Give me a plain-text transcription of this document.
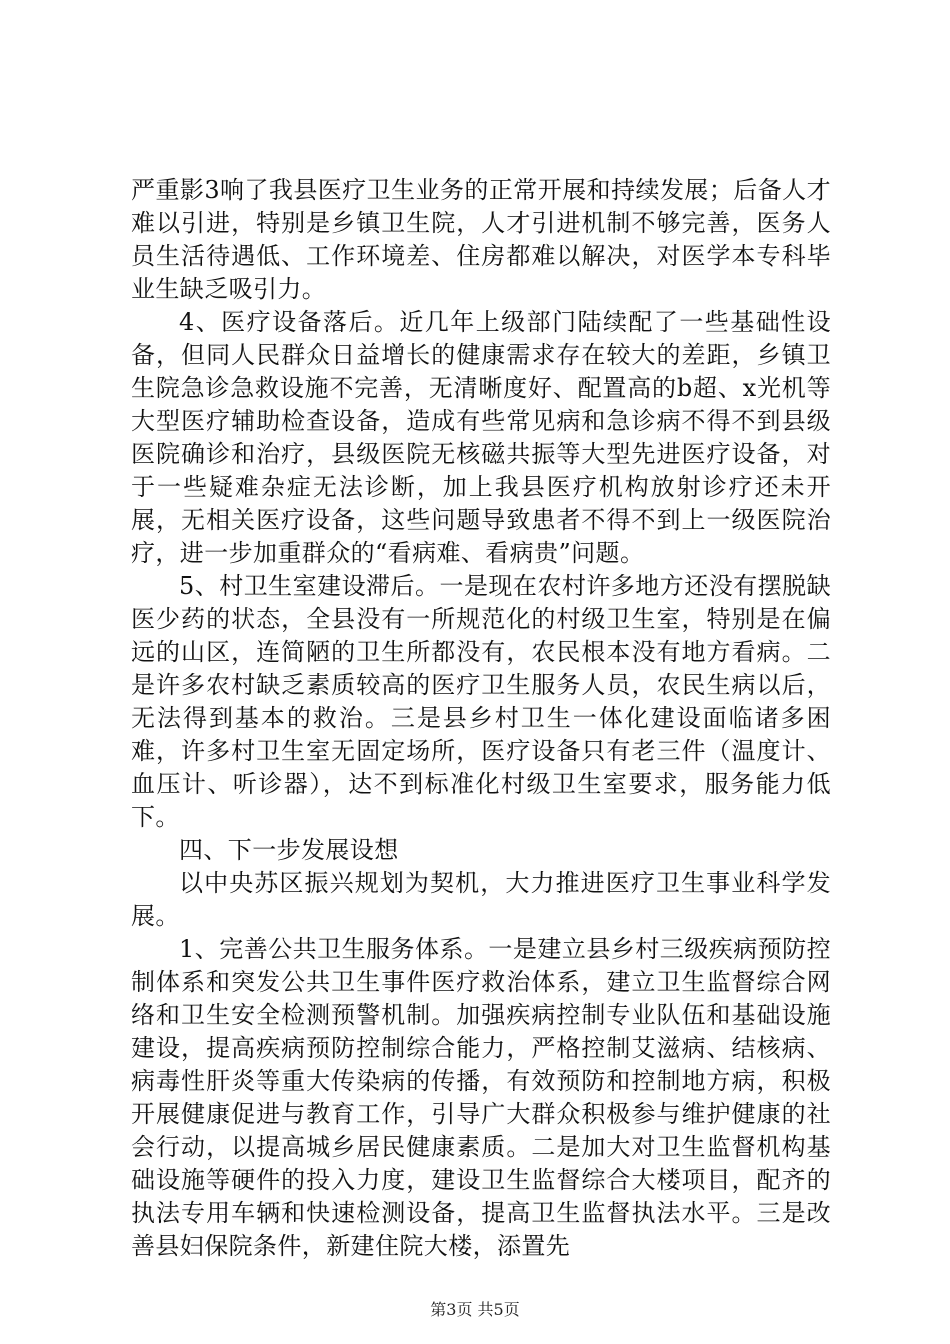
严重影3响了我县医疗卫生业务的正常开展和持续发展；后备人才难以引进，特别是乡镇卫生院，人才引进机制不够完善，医务人员生活待遇低、工作环境差、住房都难以解决，对医学本专科毕业生缺乏吸引力。

4、医疗设备落后。近几年上级部门陆续配了一些基础性设备，但同人民群众日益增长的健康需求存在较大的差距，乡镇卫生院急诊急救设施不完善，无清晰度好、配置高的b超、x光机等大型医疗辅助检查设备，造成有些常见病和急诊病不得不到县级医院确诊和治疗，县级医院无核磁共振等大型先进医疗设备，对于一些疑难杂症无法诊断，加上我县医疗机构放射诊疗还未开展，无相关医疗设备，这些问题导致患者不得不到上一级医院治疗，进一步加重群众的“看病难、看病贵”问题。

5、村卫生室建设滞后。一是现在农村许多地方还没有摆脱缺医少药的状态，全县没有一所规范化的村级卫生室，特别是在偏远的山区，连简陋的卫生所都没有，农民根本没有地方看病。二是许多农村缺乏素质较高的医疗卫生服务人员，农民生病以后，无法得到基本的救治。三是县乡村卫生一体化建设面临诸多困难，许多村卫生室无固定场所，医疗设备只有老三件（温度计、血压计、听诊器），达不到标准化村级卫生室要求，服务能力低下。

四、下一步发展设想

以中央苏区振兴规划为契机，大力推进医疗卫生事业科学发展。

1、完善公共卫生服务体系。一是建立县乡村三级疾病预防控制体系和突发公共卫生事件医疗救治体系，建立卫生监督综合网络和卫生安全检测预警机制。加强疾病控制专业队伍和基础设施建设，提高疾病预防控制综合能力，严格控制艾滋病、结核病、病毒性肝炎等重大传染病的传播，有效预防和控制地方病，积极开展健康促进与教育工作，引导广大群众积极参与维护健康的社会行动，以提高城乡居民健康素质。二是加大对卫生监督机构基础设施等硬件的投入力度，建设卫生监督综合大楼项目，配齐的执法专用车辆和快速检测设备，提高卫生监督执法水平。三是改善县妇保院条件，新建住院大楼，添置先

第3页 共5页
